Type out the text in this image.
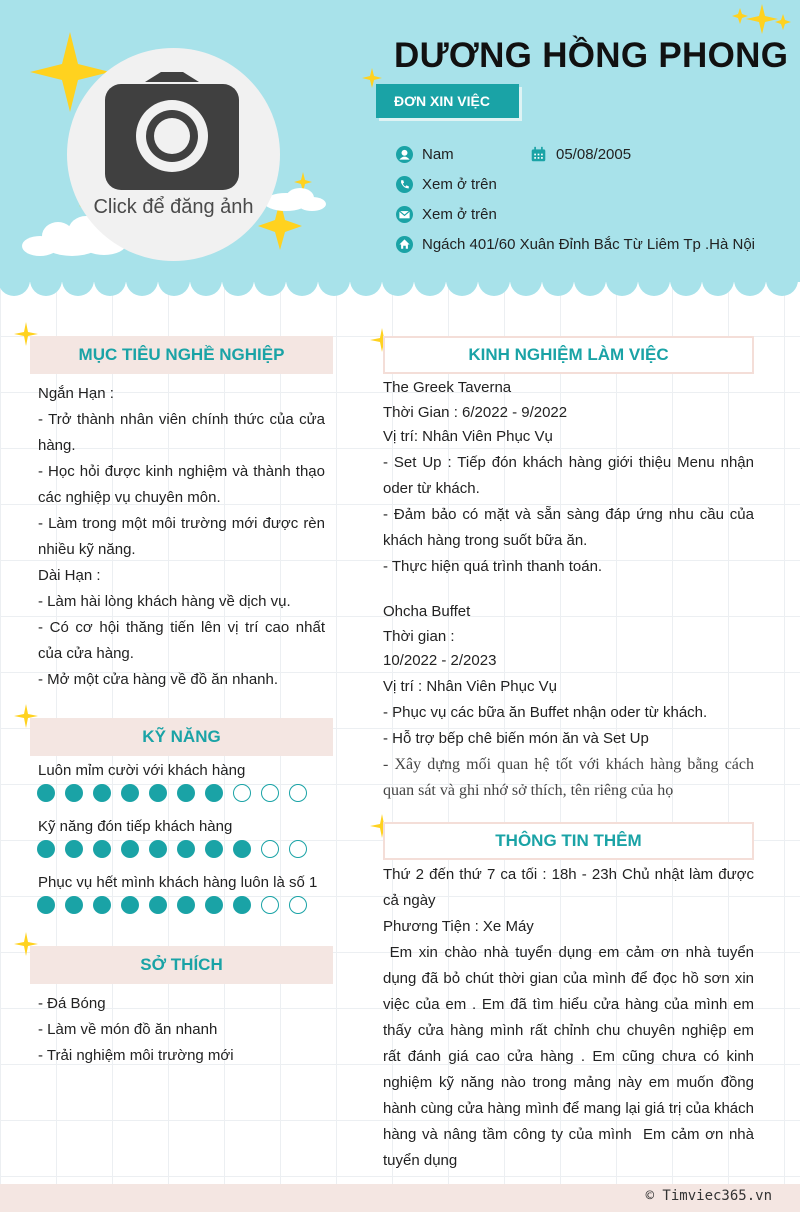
Click để đăng ảnh
DƯƠNG HỒNG PHONG
ĐƠN XIN VIỆC
Nam	05/08/2005
Xem ở trên
Xem ở trên
Ngách 401/60 Xuân Đỉnh Bắc Từ Liêm Tp .Hà Nội
MỤC TIÊU NGHỀ NGHIỆP
Ngắn Hạn :
- Trở thành nhân viên chính thức của cửa hàng.
- Học hỏi được kinh nghiệm và thành thạo các nghiệp vụ chuyên môn.
- Làm trong một môi trường mới được rèn nhiều kỹ năng.
Dài Hạn :
- Làm hài lòng khách hàng về dịch vụ.
- Có cơ hội thăng tiến lên vị trí cao nhất của cửa hàng.
- Mở một cửa hàng về đồ ăn nhanh.
KỸ NĂNG
Luôn mỉm cười với khách hàng
Kỹ năng đón tiếp khách hàng
Phục vụ hết mình khách hàng luôn là số 1
SỞ THÍCH
- Đá Bóng
- Làm về món đồ ăn nhanh
- Trải nghiệm môi trường mới
KINH NGHIỆM LÀM VIỆC
The Greek Taverna
Thời Gian : 6/2022 - 9/2022
Vị trí: Nhân Viên Phục Vụ
- Set Up : Tiếp đón khách hàng giới thiệu Menu nhận oder từ khách.
- Đảm bảo có mặt và sẵn sàng đáp ứng nhu cầu của khách hàng trong suốt bữa ăn.
- Thực hiện quá trình thanh toán.
Ohcha Buffet
Thời gian :
10/2022 - 2/2023
Vị trí : Nhân Viên Phục Vụ
- Phục vụ các bữa ăn Buffet nhận oder từ khách.
- Hỗ trợ bếp chê biến món ăn và Set Up
- Xây dựng mối quan hệ tốt với khách hàng bằng cách quan sát và ghi nhớ sở thích, tên riêng của họ
THÔNG TIN THÊM
Thứ 2 đến thứ 7 ca tối : 18h - 23h Chủ nhật làm được cả ngày
Phương Tiện : Xe Máy
Em xin chào nhà tuyển dụng em cảm ơn nhà tuyển dụng đã bỏ chút thời gian của mình để đọc hồ sơn xin việc của em . Em đã tìm hiểu cửa hàng của mình em thấy cửa hàng mình rất chỉnh chu chuyên nghiệp em rất đánh giá cao cửa hàng . Em cũng chưa có kinh nghiệm kỹ năng nào trong mảng này em muốn đồng hành cùng cửa hàng mình để mang lại giá trị của khách hàng và nâng tầm công ty của mình  Em cảm ơn nhà tuyển dụng
© Timviec365.vn
